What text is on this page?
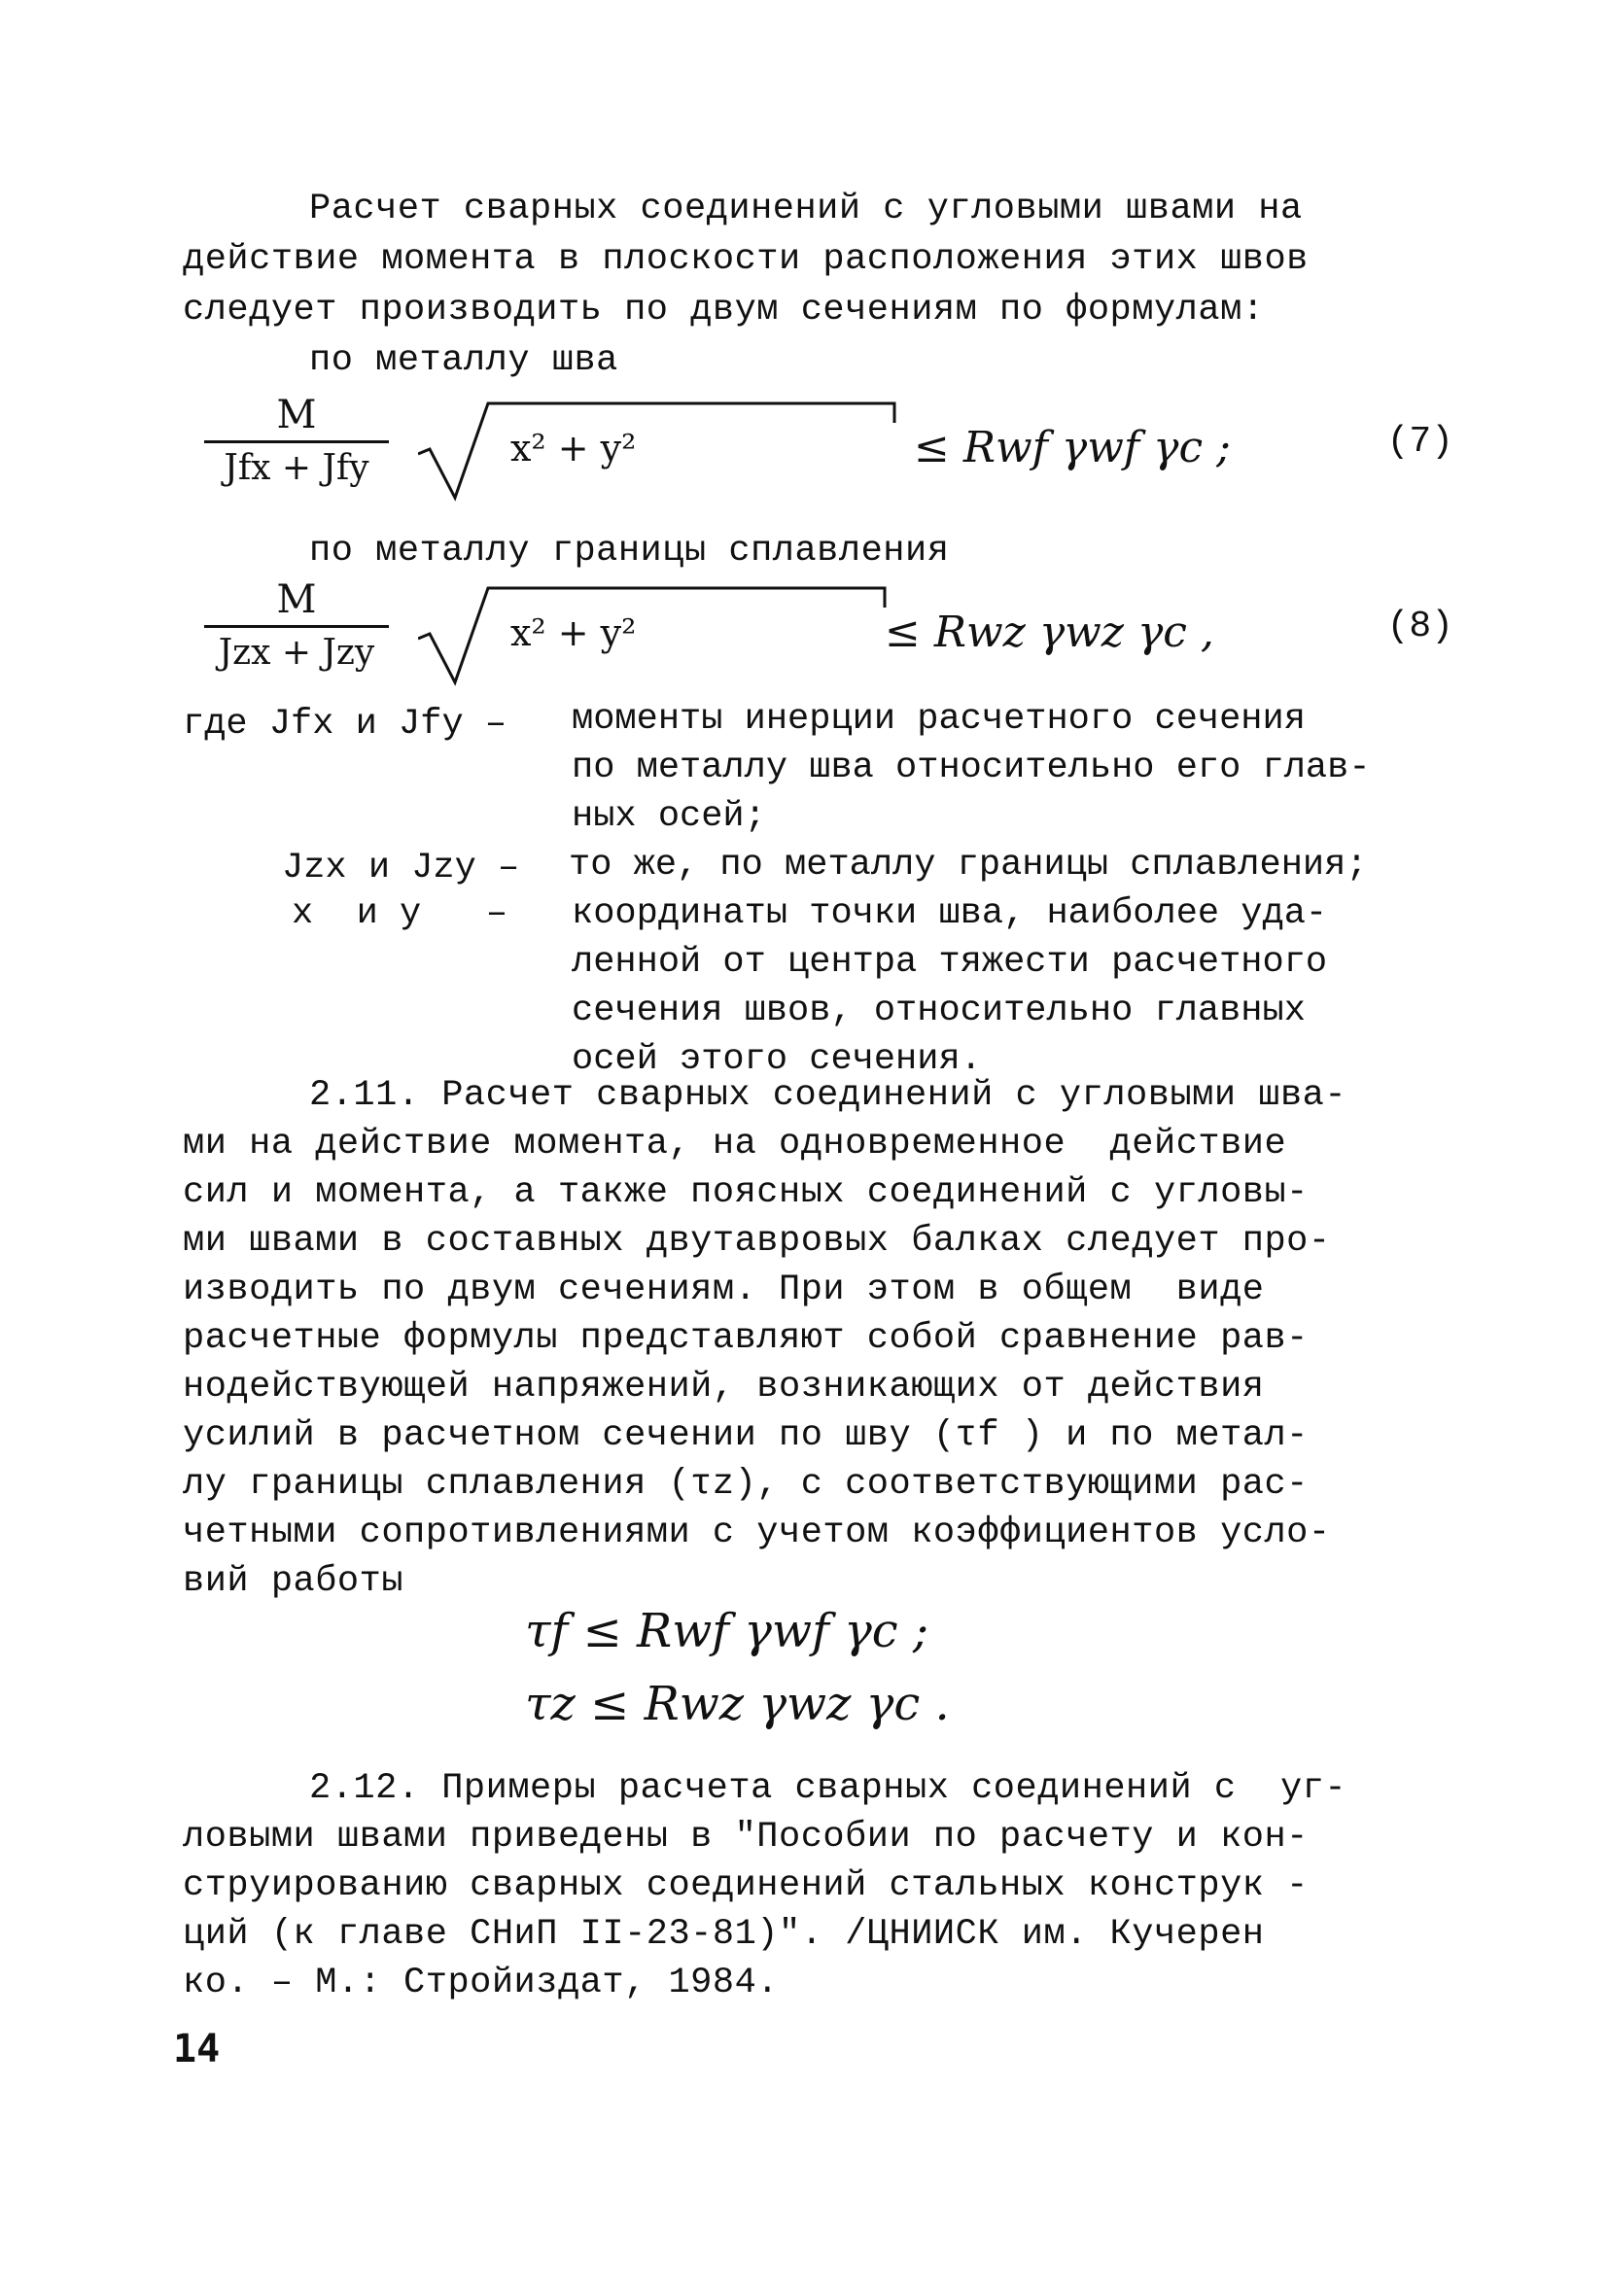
Расчет сварных соединений с угловыми швами на
действие момента в плоскости расположения этих швов
следует производить по двум сечениям по формулам:
по металлу шва
M
Jfx + Jfy	x² + y²	≤ Rwf γwf γc ;	(7)
по металлу границы сплавления
M
Jzx + Jzy	x² + y²	≤ Rwz γwz γc ,	(8)
где Jfx и Jfy – моменты инерции расчетного сечения
по металлу шва относительно его глав-
ных осей;
Jzx и Jzy – то же, по металлу границы сплавления;
x  и y   – координаты точки шва, наиболее уда-
ленной от центра тяжести расчетного
сечения швов, относительно главных
осей этого сечения.
2.11. Расчет сварных соединений с угловыми шва-
ми на действие момента, на одновременное  действие
сил и момента, а также поясных соединений с угловы-
ми швами в составных двутавровых балках следует про-
изводить по двум сечениям. При этом в общем  виде
расчетные формулы представляют собой сравнение рав-
нодействующей напряжений, возникающих от действия
усилий в расчетном сечении по шву (τf ) и по метал-
лу границы сплавления (τz), с соответствующими рас-
четными сопротивлениями с учетом коэффициентов усло-
вий работы
τf ≤ Rwf γwf γc ;
τz ≤ Rwz γwz γc .
2.12. Примеры расчета сварных соединений с  уг-
ловыми швами приведены в "Пособии по расчету и кон-
струированию сварных соединений стальных конструк -
ций (к главе СНиП II-23-81)". /ЦНИИСК им. Кучерен
ко. – М.: Стройиздат, 1984.
14
